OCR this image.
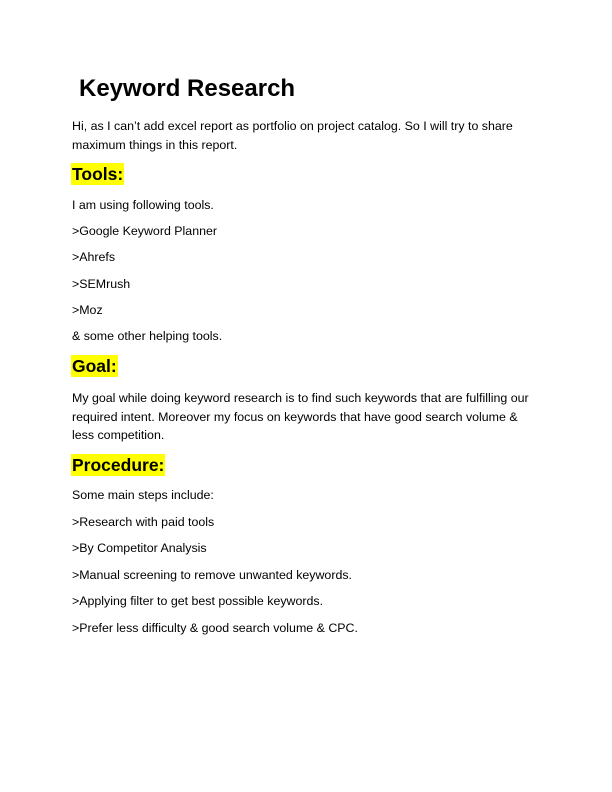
Keyword Research

Hi, as I can’t add excel report as portfolio on project catalog. So I will try to share maximum things in this report.

Tools:

I am using following tools.

>Google Keyword Planner

>Ahrefs

>SEMrush

>Moz

& some other helping tools.

Goal:

My goal while doing keyword research is to find such keywords that are fulfilling our required intent. Moreover my focus on keywords that have good search volume & less competition.

Procedure:

Some main steps include:

>Research with paid tools

>By Competitor Analysis

>Manual screening to remove unwanted keywords.

>Applying filter to get best possible keywords.

>Prefer less difficulty & good search volume & CPC.
